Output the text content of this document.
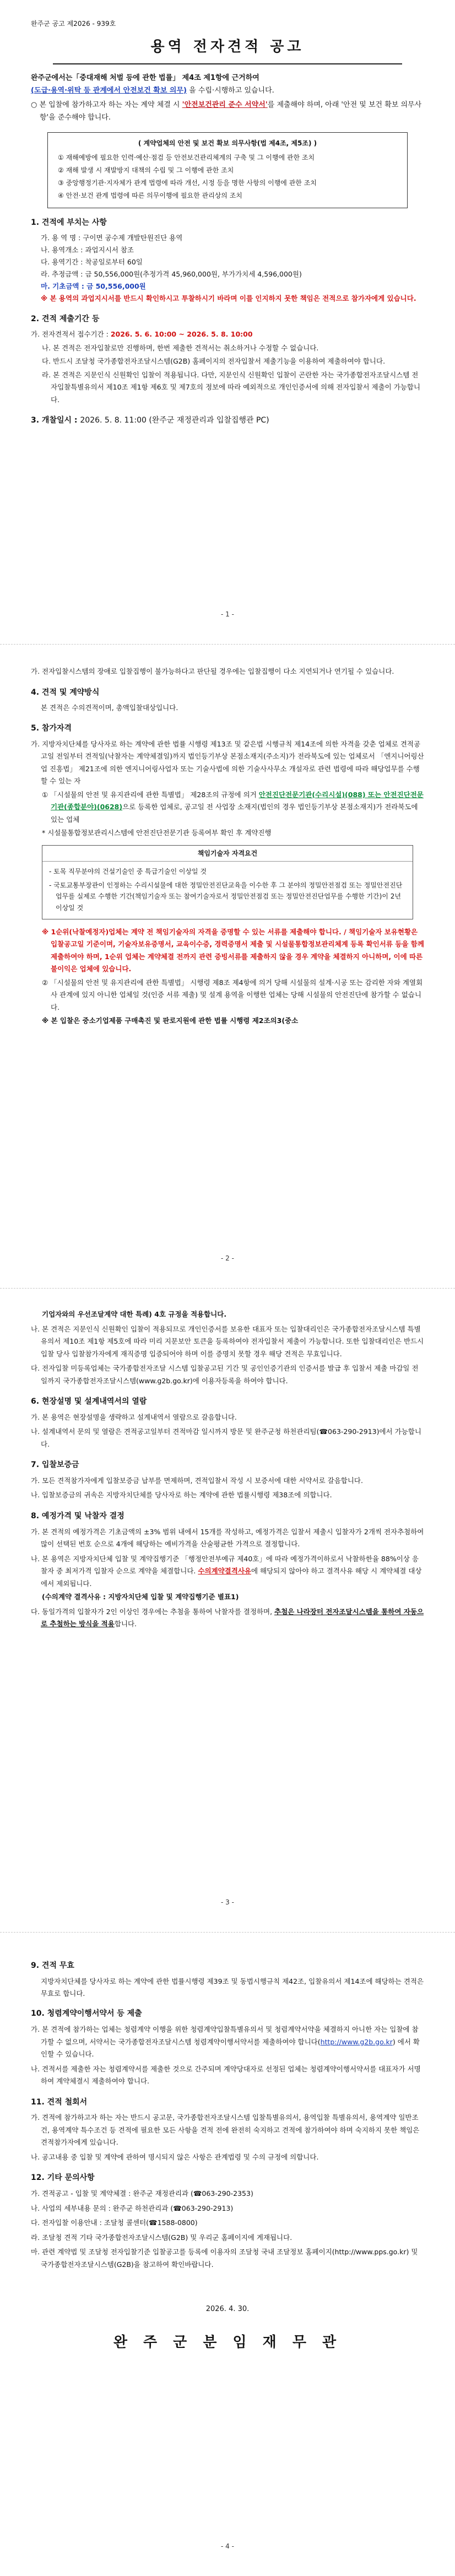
완주군 공고 제2026 - 939호
용역 전자견적 공고
완주군에서는「중대재해 처벌 등에 관한 법률」 제4조 제1항에 근거하여
(도급·용역·위탁 등 관계에서 안전보건 확보 의무) 을 수립·시행하고 있습니다.
○ 본 입찰에 참가하고자 하는 자는 계약 체결 시 '안전보건관리 준수 서약서'를 제출해야 하며, 아래 '안전 및 보건 확보 의무사항'을 준수해야 합니다.
( 계약업체의 안전 및 보건 확보 의무사항(법 제4조, 제5조) )
① 재해예방에 필요한 인력·예산·점검 등 안전보건관리체계의 구축 및 그 이행에 관한 조치
② 재해 발생 시 재발방지 대책의 수립 및 그 이행에 관한 조치
③ 중앙행정기관·지자체가 관계 법령에 따라 개선, 시정 등을 명한 사항의 이행에 관한 조치
④ 안전·보건 관계 법령에 따른 의무이행에 필요한 관리상의 조치
1. 견적에 부치는 사항
가. 용 역 명 : 구이면 공수제 개발탄원진단 용역
나. 용역개소 : 과업지시서 참조
다. 용역기간 : 착공일로부터 60일
라. 추정금액 : 금 50,556,000원(추정가격 45,960,000원, 부가가치세 4,596,000원)
마. 기초금액 : 금 50,556,000원
※ 본 용역의 과업지시서를 반드시 확인하시고 투찰하시기 바라며 이를 인지하지 못한 책임은 전적으로 참가자에게 있습니다.
2. 견적 제출기간 등
가. 전자견적서 접수기간 : 2026. 5. 6. 10:00 ~ 2026. 5. 8. 10:00
나. 본 견적은 전자입찰로만 진행하며, 한번 제출한 견적서는 취소하거나 수정할 수 없습니다.
다. 반드시 조달청 국가종합전자조달시스템(G2B) 홈페이지의 전자입찰서 제출기능을 이용하여 제출하여야 합니다.
라. 본 견적은 지문인식 신원확인 입찰이 적용됩니다. 다만, 지문인식 신원확인 입찰이 곤란한 자는 국가종합전자조달시스템 전자입찰특별유의서 제10조 제1항 제6호 및 제7호의 정보에 따라 예외적으로 개인인증서에 의해 전자입찰서 제출이 가능합니다.
3. 개찰일시 : 2026. 5. 8. 11:00 (완주군 재정관리과 입찰집행관 PC)
- 1 -
가. 전자입찰시스템의 장애로 입찰집행이 불가능하다고 판단될 경우에는 입찰집행이 다소 지연되거나 연기될 수 있습니다.
4. 견적 및 계약방식
본 견적은 수의견적이며, 총액입찰대상입니다.
5. 참가자격
가. 지방자치단체를 당사자로 하는 계약에 관한 법률 시행령 제13조 및 같은법 시행규칙 제14조에 의한 자격을 갖춘 업체로 견적공고일 전일부터 견적일(낙찰자는 계약체결일)까지 법인등기부상 본점소재지(주소지)가 전라북도에 있는 업체로서 「엔지니어링산업 진흥법」 제21조에 의한 엔지니어링사업자 또는 기술사법에 의한 기술사사무소 개설자로 관련 법령에 따라 해당업무를 수행할 수 있는 자
① 「시설물의 안전 및 유지관리에 관한 특별법」 제28조의 규정에 의거 안전진단전문기관(수리시설)(088) 또는 안전진단전문기관(종합분야)(0628)으로 등록한 업체로, 공고일 전 사업장 소재지(법인의 경우 법인등기부상 본점소재지)가 전라북도에 있는 업체
* 시설물통합정보관리시스템에 안전진단전문기관 등록여부 확인 후 계약진행
책임기술자 자격요건
- 토목 직무분야의 건설기술인 중 특급기술인 이상일 것
- 국토교통부장관이 인정하는 수리시설물에 대한 정밀안전진단교육을 이수한 후 그 분야의 정밀안전점검 또는 정밀안전진단업무를 실제로 수행한 기간(책임기술자 또는 참여기술자로서 정밀안전점검 또는 정밀안전진단업무를 수행한 기간)이 2년 이상일 것
※ 1순위(낙찰예정자)업체는 계약 전 책임기술자의 자격을 증명할 수 있는 서류를 제출해야 합니다. / 책임기술자 보유현황은 입찰공고일 기준이며, 기술자보유증명서, 교육이수증, 경력증명서 제출 및 시설물통합정보관리체계 등록 확인서류 등을 함께 제출하여야 하며, 1순위 업체는 계약체결 전까지 관련 증빙서류를 제출하지 않을 경우 계약을 체결하지 아니하며, 이에 따른 불이익은 업체에 있습니다.
② 「시설물의 안전 및 유지관리에 관한 특별법」 시행령 제8조 제4항에 의거 당해 시설물의 설계·시공 또는 감리한 자와 계열회사 관계에 있지 아니한 업체일 것(인증 서류 제출) 및 설계 용역을 이행한 업체는 당해 시설물의 안전진단에 참가할 수 없습니다.
※ 본 입찰은 중소기업제품 구매촉진 및 판로지원에 관한 법률 시행령 제2조의3(중소
- 2 -
기업자와의 우선조달계약 대한 특례) 4호 규정을 적용합니다.
나. 본 견적은 지문인식 신원확인 입찰이 적용되므로 개인인증서를 보유한 대표자 또는 입찰대리인은 국가종합전자조달시스템 특별유의서 제10조 제1항 제5호에 따라 미리 지문보안 토큰을 등록하여야 전자입찰서 제출이 가능합니다. 또한 입찰대리인은 반드시 입찰 당사 입찰참가자에게 재직증명 입증되어야 하며 이를 증명치 못할 경우 해당 견적은 무효입니다.
다. 전자입찰 미등록업체는 국가종합전자조달 시스템 입찰공고된 기간 및 공인인증기관의 인증서를 발급 후 입찰서 제출 마감일 전일까지 국가종합전자조달시스템(www.g2b.go.kr)에 이용자등록을 하여야 합니다.
6. 현장설명 및 설계내역서의 열람
가. 본 용역은 현장설명을 생략하고 설계내역서 열람으로 갈음합니다.
나. 설계내역서 문의 및 열람은 견적공고일부터 견적마감 일시까지 방문 및 완주군청 하천관리팀(☎063-290-2913)에서 가능합니다.
7. 입찰보증금
가. 모든 견적참가자에게 입찰보증금 납부를 면제하며, 견적입찰서 작성 시 보증서에 대한 서약서로 갈음합니다.
나. 입찰보증금의 귀속은 지방자치단체를 당사자로 하는 계약에 관한 법률시행령 제38조에 의합니다.
8. 예정가격 및 낙찰자 결정
가. 본 견적의 예정가격은 기초금액의 ±3% 범위 내에서 15개를 작성하고, 예정가격은 입찰서 제출시 입찰자가 2개씩 전자추첨하여 많이 선택된 번호 순으로 4개에 해당하는 예비가격을 산술평균한 가격으로 결정합니다.
나. 본 용역은 지방자치단체 입찰 및 계약집행기준 「행정안전부예규 제40호」에 따라 예정가격이하로서 낙찰하한율 88%이상 응찰자 중 최저가격 입찰자 순으로 계약을 체결합니다. 수의계약결격사유에 해당되지 않아야 하고 결격사유 해당 시 계약체결 대상에서 제외됩니다.
(수의계약 결격사유 : 지방자치단체 입찰 및 계약집행기준 별표1)
다. 동일가격의 입찰자가 2인 이상인 경우에는 추첨을 통하여 낙찰자를 결정하며, 추첨은 나라장터 전자조달시스템을 통하여 자동으로 추첨하는 방식을 적용합니다.
- 3 -
9. 견적 무효
지방자치단체를 당사자로 하는 계약에 관한 법률시행령 제39조 및 동법시행규칙 제42조, 입찰유의서 제14조에 해당하는 견적은 무효로 합니다.
10. 청렴계약이행서약서 등 제출
가. 본 견적에 참가하는 업체는 청렴계약 이행을 위한 청렴계약입찰특별유의서 및 청렴계약서약을 체결하지 아니한 자는 입찰에 참가할 수 없으며, 서약서는 국가종합전자조달시스템 청렴계약이행서약서를 제출하여야 합니다(http://www.g2b.go.kr) 에서 확인할 수 있습니다.
나. 견적서를 제출한 자는 청렴계약서를 제출한 것으로 간주되며 계약당대자로 선정된 업체는 청렴계약이행서약서를 대표자가 서명하여 계약체결시 제출하여야 합니다.
11. 견적 철회서
가. 견적에 참가하고자 하는 자는 반드시 공고문, 국가종합전자조달시스템 입찰특별유의서, 용역입찰 특별유의서, 용역계약 일반조건, 용역계약 특수조건 등 견적에 필요한 모든 사항을 견적 전에 완전히 숙지하고 견적에 참가하여야 하며 숙지하지 못한 책임은 견적참가자에게 있습니다.
나. 공고내용 중 입찰 및 계약에 관하여 명시되지 않은 사항은 관계법령 및 수의 규정에 의합니다.
12. 기타 문의사항
가. 견적공고 - 입찰 및 계약체결 : 완주군 재정관리과 (☎063-290-2353)
나. 사업의 세부내용 문의 : 완주군 하천관리과 (☎063-290-2913)
다. 전자입찰 이용안내 : 조달청 콜센터(☎1588-0800)
라. 조달청 견적 기타 국가종합전자조달시스템(G2B) 및 우리군 홈페이지에 게재됩니다.
마. 관련 계약법 및 조달청 전자입찰기준 입찰공고를 등록에 이용자의 조달청 국내 조달정보 홈페이지(http://www.pps.go.kr) 및 국가종합전자조달시스템(G2B)을 참고하여 확인바랍니다.
2026. 4. 30.
완 주 군 분 임 재 무 관
- 4 -
